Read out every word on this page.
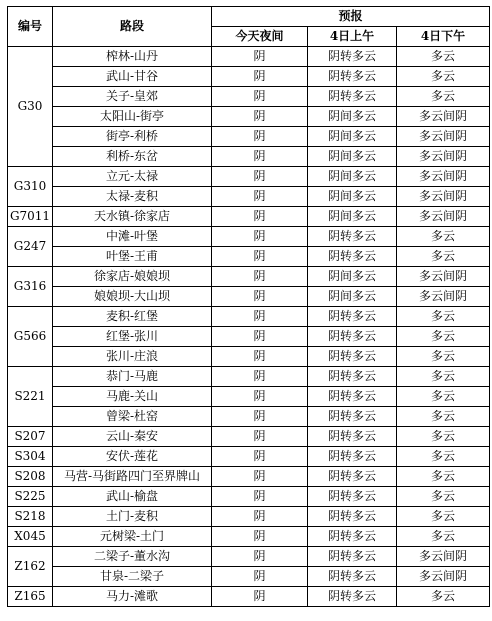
编号	路段	预报		
		今天夜间	4日上午	4日下午
G30	榨林-山丹	阴	阴转多云	多云
	武山-甘谷	阴	阴转多云	多云
	关子-皇郊	阴	阴转多云	多云
	太阳山-街亭	阴	阴间多云	多云间阴
	街亭-利桥	阴	阴间多云	多云间阴
	利桥-东岔	阴	阴间多云	多云间阴
G310	立元-太禄	阴	阴间多云	多云间阴
	太禄-麦积	阴	阴间多云	多云间阴
G7011	天水镇-徐家店	阴	阴间多云	多云间阴
G247	中滩-叶堡	阴	阴转多云	多云
	叶堡-王甫	阴	阴转多云	多云
G316	徐家店-娘娘坝	阴	阴间多云	多云间阴
	娘娘坝-大山坝	阴	阴间多云	多云间阴
G566	麦积-红堡	阴	阴转多云	多云
	红堡-张川	阴	阴转多云	多云
	张川-庄浪	阴	阴转多云	多云
S221	恭门-马鹿	阴	阴转多云	多云
	马鹿-关山	阴	阴转多云	多云
	曾梁-杜窑	阴	阴转多云	多云
S207	云山-秦安	阴	阴转多云	多云
S304	安伏-莲花	阴	阴转多云	多云
S208	马营-马街路四门至界牌山	阴	阴转多云	多云
S225	武山-榆盘	阴	阴转多云	多云
S218	土门-麦积	阴	阴转多云	多云
X045	元树梁-土门	阴	阴转多云	多云
Z162	二梁子-董水沟	阴	阴转多云	多云间阴
	甘泉-二梁子	阴	阴转多云	多云间阴
Z165	马力-滩歌	阴	阴转多云	多云
